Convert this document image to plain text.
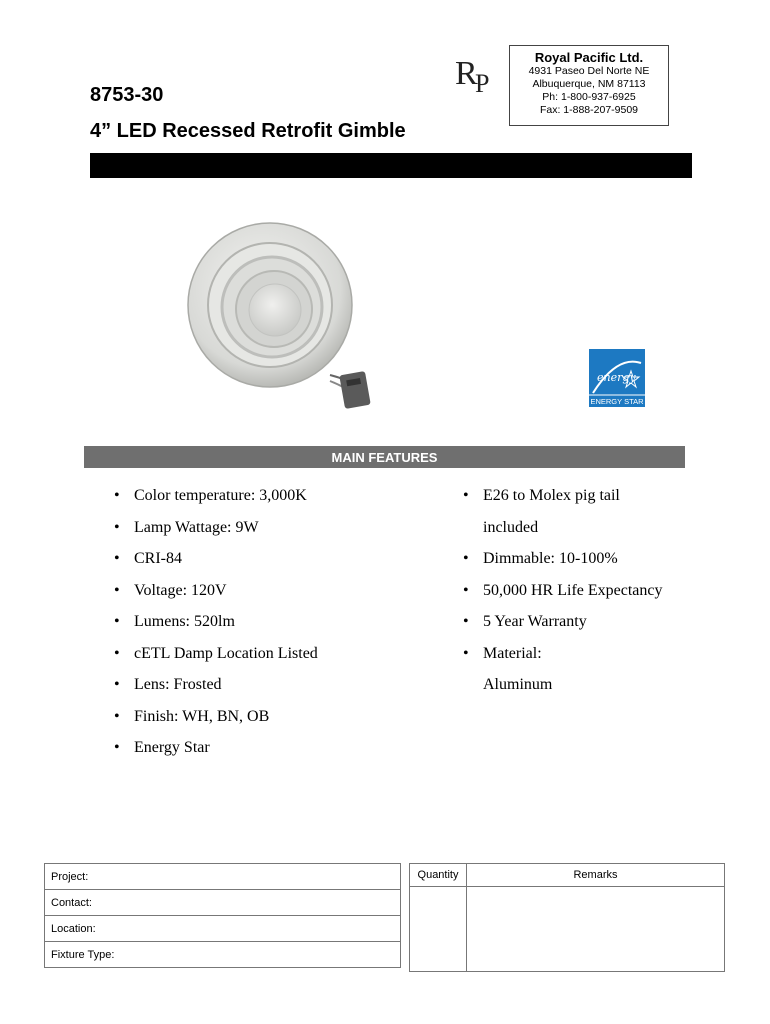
8753-30
4” LED Recessed Retrofit Gimble
R
P
Royal Pacific Ltd.
4931 Paseo Del Norte NE
Albuquerque, NM 87113
Ph: 1-800-937-6925
Fax: 1-888-207-9509
energy
ENERGY STAR
MAIN FEATURES
• Color temperature: 3,000K
• Lamp Wattage: 9W
• CRI-84
• Voltage: 120V
• Lumens: 520lm
• cETL Damp Location Listed
• Lens: Frosted
• Finish: WH, BN, OB
• Energy Star
• E26 to Molex pig tail
included
• Dimmable: 10-100%
• 50,000 HR Life Expectancy
• 5 Year Warranty
• Material:
Aluminum
Project:
Contact:
Location:
Fixture Type:
Quantity	Remarks
